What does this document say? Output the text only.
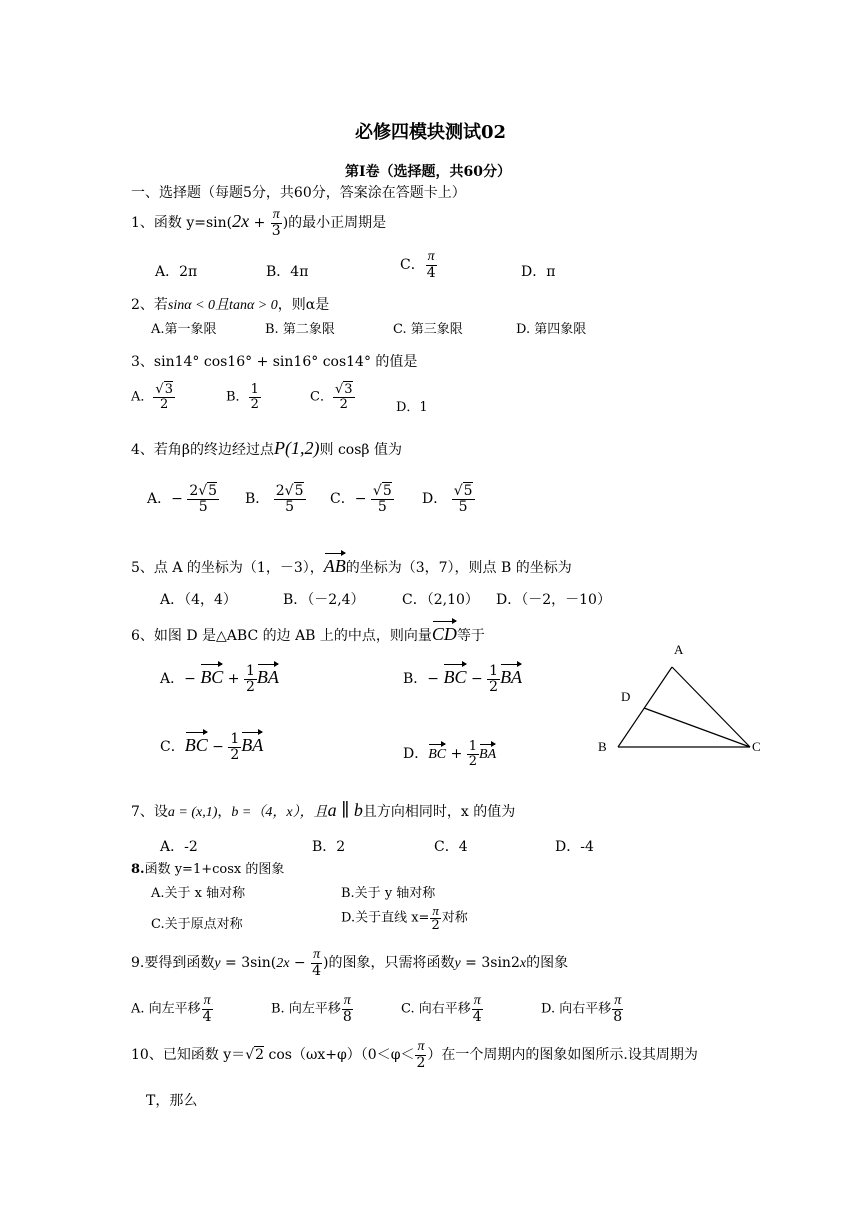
必修四模块测试02
第Ⅰ卷（选择题，共60分）
一、选择题（每题5分，共60分，答案涂在答题卡上）
1、函数 $y=\sin(2x + \frac{\pi}{3}$ )的最小正周期是
A．2π	B．4π	C． $\frac{\pi}{4}$	D．π
2、若sinα < 0且tanα > 0，则α是
A.第一象限	B. 第二象限	C. 第三象限	D. 第四象限
3、sin14° cos16° + sin16° cos14° 的值是
A． $\frac{√3}{2}$	B． $\frac{1}{2}$	C． $\frac{√3}{2}$	D．1
4、若角β的终边经过点P(1,2)则 cosβ 值为
A．− $\frac{2√5}{5}$ B． $\frac{2√5}{5}$ C．− $\frac{√5}{5}$ D． $\frac{√5}{5}$
5、点 A 的坐标为（1，－3），AB的坐标为（3，7），则点 B 的坐标为
A．（4，4）	B．（－2,4）	C．（2,10） D．（－2，－10）
6、如图 D 是△ABC 的边 AB 上的中点，则向量CD等于
A．− BC + $\frac{1}{2}$ BA	B．− BC − $\frac{1}{2}$ BA
C．BC − $\frac{1}{2}$ BA	D．BC + $\frac{1}{2}$ BA
A
D
B	C
7、设a = (x,1)，b =（4，x），且a ∥ b且方向相同时，x 的值为
A．-2	B．2	C．4	D．-4
8.函数 y=1+cosx 的图象
A.关于 x 轴对称	B.关于 y 轴对称
C.关于原点对称	D.关于直线 $x= \frac{\pi}{2}$ 对称
9.要得到函数$y = 3\sin(2x - \frac{\pi}{4}$ )的图象，只需将函数y = 3sin2x的图象
A. 向左平移 $\frac{\pi}{4}$	B. 向左平移 $\frac{\pi}{8}$	C. 向右平移 $\frac{\pi}{4}$	D. 向右平移 $\frac{\pi}{8}$
10、已知函数 y＝√2 $\cos(\omega x+\varphi)(0<\varphi< \frac{\pi}{2}$ ）在一个周期内的图象如图所示.设其周期为
T，那么
